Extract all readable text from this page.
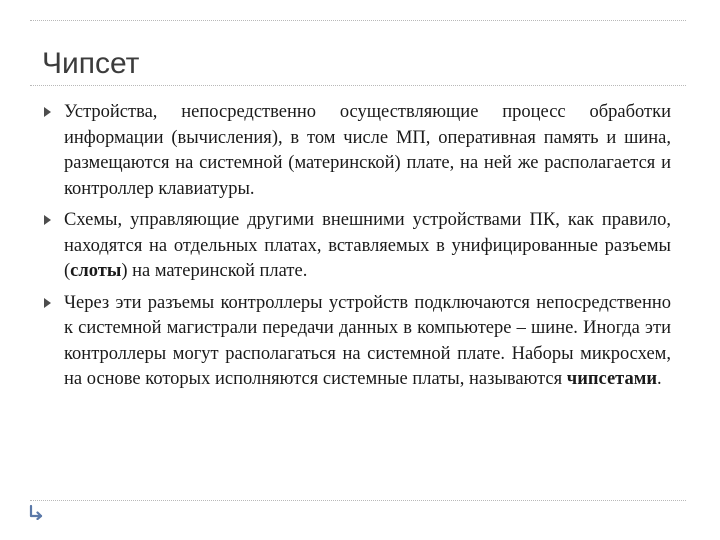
Чипсет
Устройства, непосредственно осуществляющие процесс обработки информации (вычисления), в том числе МП, оперативная память и шина, размещаются на системной (материнской) плате, на ней же располагается и контроллер клавиатуры.
Схемы, управляющие другими внешними устройствами ПК, как правило, находятся на отдельных платах, вставляемых в унифицированные разъемы (слоты) на материнской плате.
Через эти разъемы контроллеры устройств подключаются непосредственно к системной магистрали передачи данных в компьютере – шине. Иногда эти контроллеры могут располагаться на системной плате. Наборы микросхем, на основе которых исполняются системные платы, называются чипсетами.
